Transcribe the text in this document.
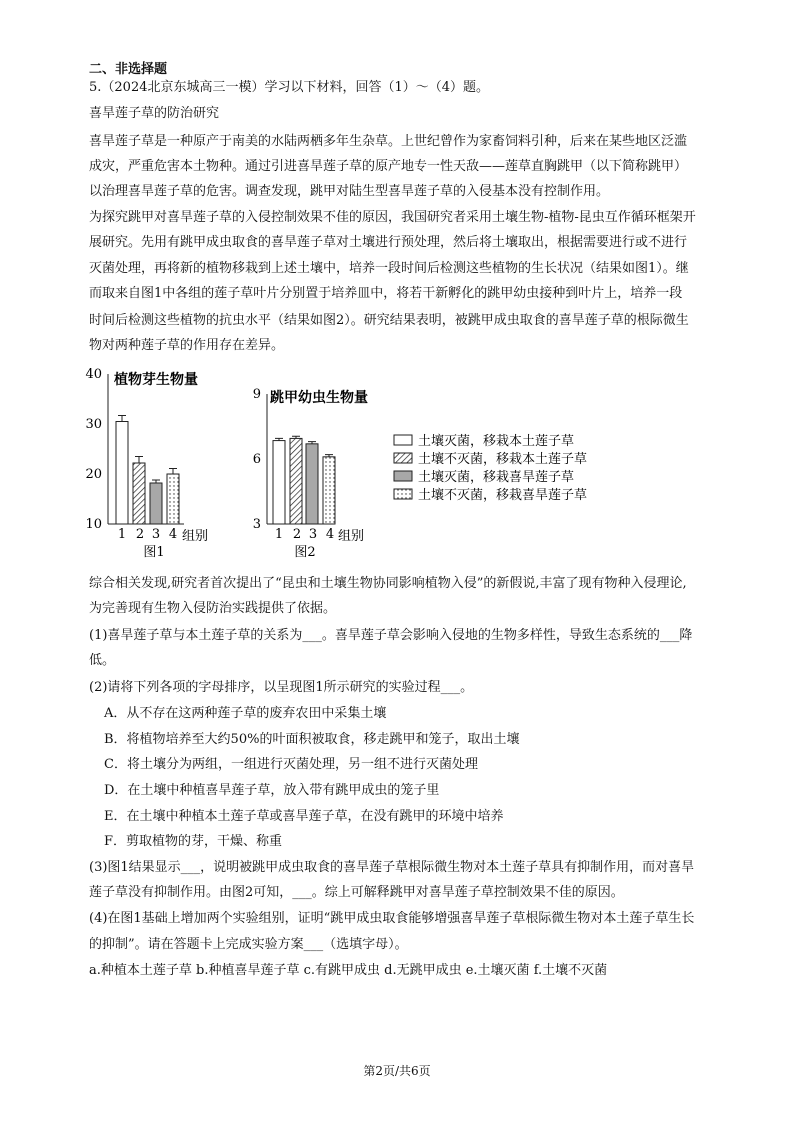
二、非选择题
5.（2024北京东城高三一模）学习以下材料，回答（1）～（4）题。
喜旱莲子草的防治研究
喜旱莲子草是一种原产于南美的水陆两栖多年生杂草。上世纪曾作为家畜饲料引种，后来在某些地区泛滥
成灾，严重危害本土物种。通过引进喜旱莲子草的原产地专一性天敌——莲草直胸跳甲（以下简称跳甲）
以治理喜旱莲子草的危害。调查发现，跳甲对陆生型喜旱莲子草的入侵基本没有控制作用。
为探究跳甲对喜旱莲子草的入侵控制效果不佳的原因，我国研究者采用土壤生物-植物-昆虫互作循环框架开
展研究。先用有跳甲成虫取食的喜旱莲子草对土壤进行预处理，然后将土壤取出，根据需要进行或不进行
灭菌处理，再将新的植物移栽到上述土壤中，培养一段时间后检测这些植物的生长状况（结果如图1）。继
而取来自图1中各组的莲子草叶片分别置于培养皿中，将若干新孵化的跳甲幼虫接种到叶片上，培养一段
时间后检测这些植物的抗虫水平（结果如图2）。研究结果表明，被跳甲成虫取食的喜旱莲子草的根际微生
物对两种莲子草的作用存在差异。
10
20
30
40 植物芽生物量
1 2 3 4 组别
图1
3
6
9 跳甲幼虫生物量
1 2 3 4 组别
图2
土壤灭菌，移栽本土莲子草
土壤不灭菌，移栽本土莲子草
土壤灭菌，移栽喜旱莲子草
土壤不灭菌，移栽喜旱莲子草
综合相关发现,研究者首次提出了“昆虫和土壤生物协同影响植物入侵”的新假说,丰富了现有物种入侵理论,
为完善现有生物入侵防治实践提供了依据。
(1)喜旱莲子草与本土莲子草的关系为___。喜旱莲子草会影响入侵地的生物多样性，导致生态系统的___降
低。
(2)请将下列各项的字母排序，以呈现图1所示研究的实验过程___。
A．从不存在这两种莲子草的废弃农田中采集土壤
B．将植物培养至大约50%的叶面积被取食，移走跳甲和笼子，取出土壤
C．将土壤分为两组，一组进行灭菌处理，另一组不进行灭菌处理
D．在土壤中种植喜旱莲子草，放入带有跳甲成虫的笼子里
E．在土壤中种植本土莲子草或喜旱莲子草，在没有跳甲的环境中培养
F．剪取植物的芽，干燥、称重
(3)图1结果显示___，说明被跳甲成虫取食的喜旱莲子草根际微生物对本土莲子草具有抑制作用，而对喜旱
莲子草没有抑制作用。由图2可知，___。综上可解释跳甲对喜旱莲子草控制效果不佳的原因。
(4)在图1基础上增加两个实验组别，证明“跳甲成虫取食能够增强喜旱莲子草根际微生物对本土莲子草生长
的抑制”。请在答题卡上完成实验方案___（选填字母）。
a.种植本土莲子草 b.种植喜旱莲子草 c.有跳甲成虫 d.无跳甲成虫 e.土壤灭菌 f.土壤不灭菌
第2页/共6页
